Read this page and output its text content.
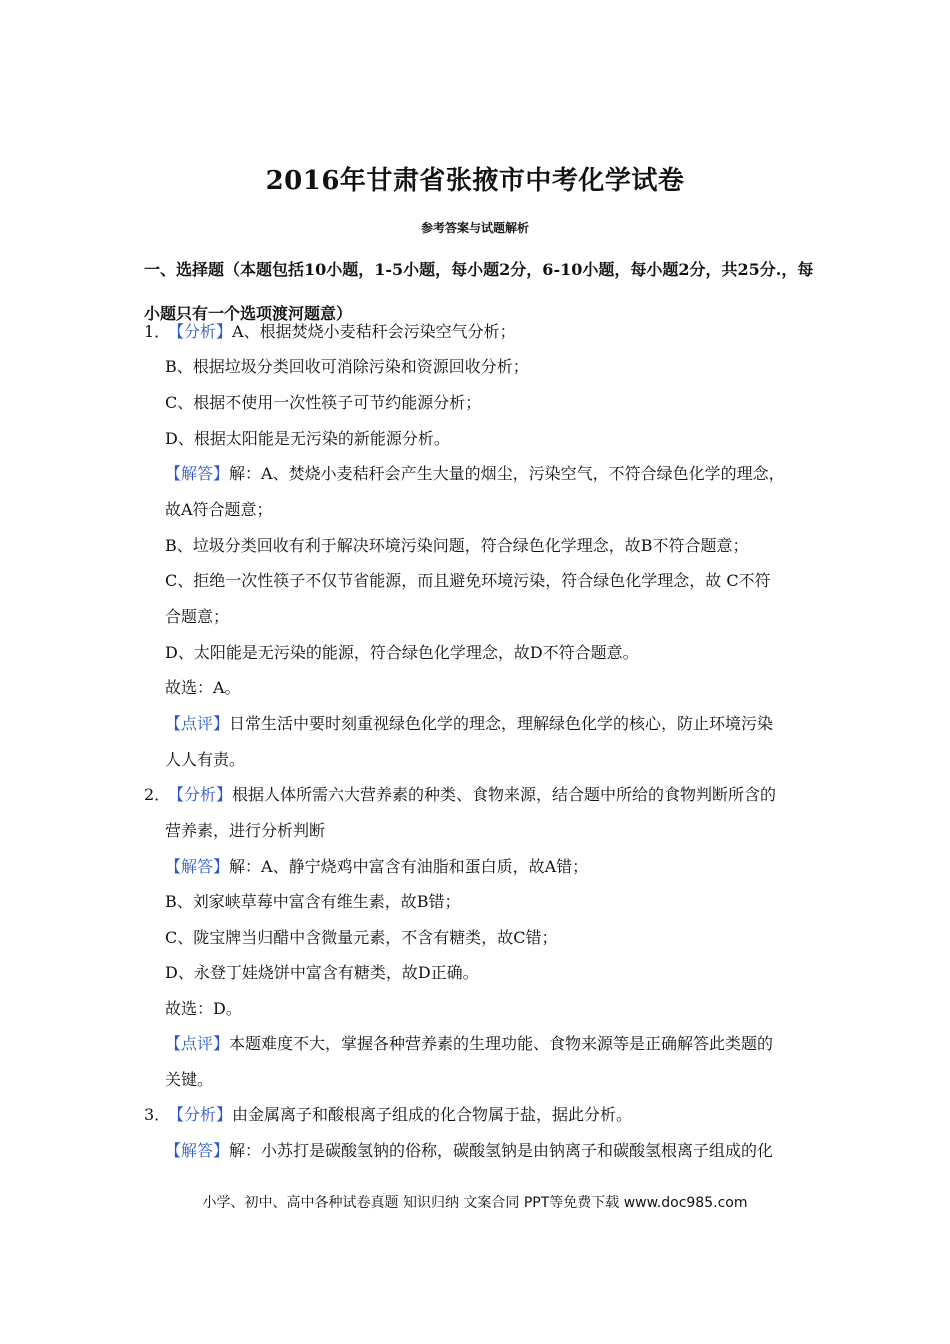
2016年甘肃省张掖市中考化学试卷
参考答案与试题解析
一、选择题（本题包括10小题，1-5小题，每小题2分，6-10小题，每小题2分，共25分.，每小题只有一个选项渡河题意）
1．【分析】A、根据焚烧小麦秸秆会污染空气分析；
B、根据垃圾分类回收可消除污染和资源回收分析；
C、根据不使用一次性筷子可节约能源分析；
D、根据太阳能是无污染的新能源分析。
【解答】解：A、焚烧小麦秸秆会产生大量的烟尘，污染空气，不符合绿色化学的理念，
故A符合题意；
B、垃圾分类回收有利于解决环境污染问题，符合绿色化学理念，故B不符合题意；
C、拒绝一次性筷子不仅节省能源，而且避免环境污染，符合绿色化学理念，故 C不符
合题意；
D、太阳能是无污染的能源，符合绿色化学理念，故D不符合题意。
故选：A。
【点评】日常生活中要时刻重视绿色化学的理念，理解绿色化学的核心，防止环境污染
人人有责。
2．【分析】根据人体所需六大营养素的种类、食物来源，结合题中所给的食物判断所含的
营养素，进行分析判断
【解答】解：A、静宁烧鸡中富含有油脂和蛋白质，故A错；
B、刘家峡草莓中富含有维生素，故B错；
C、陇宝牌当归醋中含微量元素，不含有糖类，故C错；
D、永登丁娃烧饼中富含有糖类，故D正确。
故选：D。
【点评】本题难度不大，掌握各种营养素的生理功能、食物来源等是正确解答此类题的
关键。
3．【分析】由金属离子和酸根离子组成的化合物属于盐，据此分析。
【解答】解：小苏打是碳酸氢钠的俗称，碳酸氢钠是由钠离子和碳酸氢根离子组成的化
小学、初中、高中各种试卷真题 知识归纳 文案合同 PPT等免费下载 www.doc985.com
